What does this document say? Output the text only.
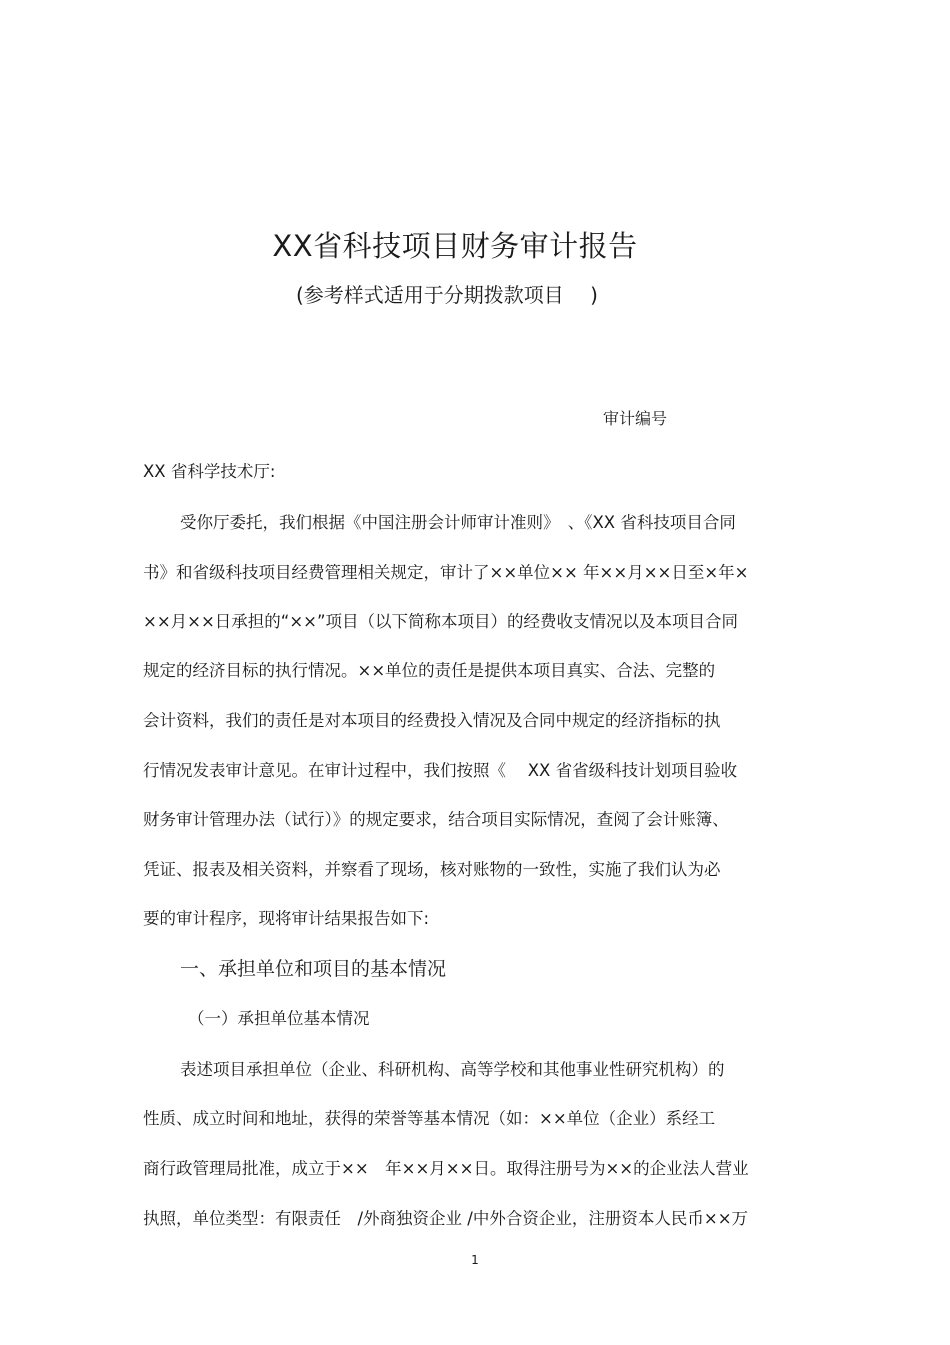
XX省科技项目财务审计报告
(参考样式适用于分期拨款项目　 )
审计编号
XX 省科学技术厅:
受你厅委托，我们根据《中国注册会计师审计准则》　、《XX 省科技项目合同
书》和省级科技项目经费管理相关规定，审计了××单位×× 年××月××日至×年×
××月××日承担的“××”项目（以下简称本项目）的经费收支情况以及本项目合同
规定的经济目标的执行情况。××单位的责任是提供本项目真实、合法、完整的
会计资料，我们的责任是对本项目的经费投入情况及合同中规定的经济指标的执
行情况发表审计意见。在审计过程中，我们按照《　 XX 省省级科技计划项目验收
财务审计管理办法（试行）》的规定要求，结合项目实际情况，查阅了会计账簿、
凭证、报表及相关资料，并察看了现场，核对账物的一致性，实施了我们认为必
要的审计程序，现将审计结果报告如下:
一、承担单位和项目的基本情况
（一）承担单位基本情况
表述项目承担单位（企业、科研机构、高等学校和其他事业性研究机构）的
性质、成立时间和地址，获得的荣誉等基本情况（如：××单位（企业）系经工
商行政管理局批准，成立于××　年××月××日。取得注册号为××的企业法人营业
执照，单位类型：有限责任　/外商独资企业 /中外合资企业，注册资本人民币××万
1
